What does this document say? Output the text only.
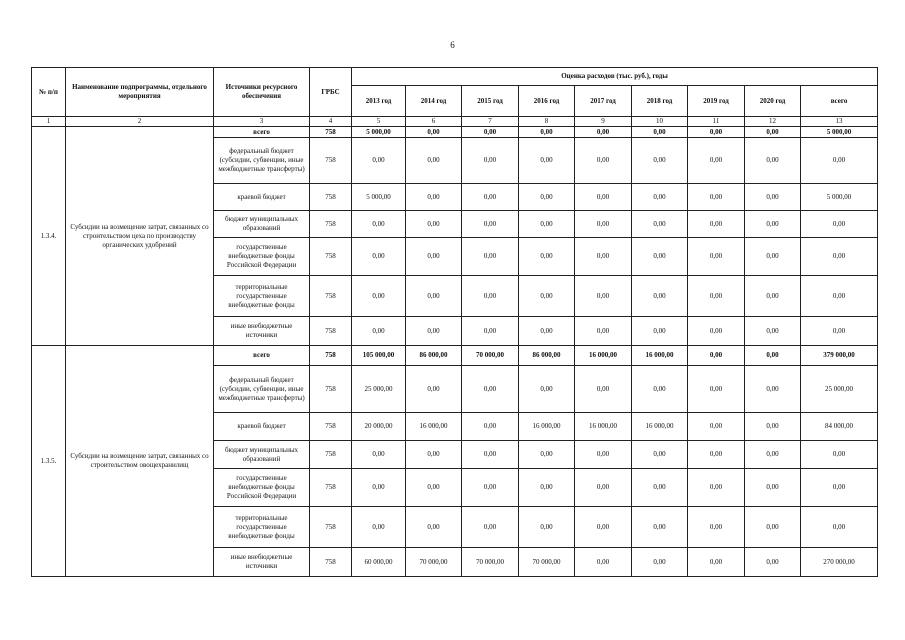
6
№ п/п	Наименование подпрограммы, отдельного мероприятия	Источники ресурсного обеспечения	ГРБС	Оценка расходов (тыс. руб.), годы								
				2013 год	2014 год	2015 год	2016 год	2017 год	2018 год	2019 год	2020 год	всего
1	2	3	4	5	6	7	8	9	10	11	12	13
1.3.4.	Субсидии на возмещение затрат, связанных со строительством цеха по производству органических удобрений	всего	758	5 000,00	0,00	0,00	0,00	0,00	0,00	0,00	0,00	5 000,00
		федеральный бюджет (субсидии, субвенции, иные межбюджетные трансферты)	758	0,00	0,00	0,00	0,00	0,00	0,00	0,00	0,00	0,00
		краевой бюджет	758	5 000,00	0,00	0,00	0,00	0,00	0,00	0,00	0,00	5 000,00
		бюджет муниципальных образований	758	0,00	0,00	0,00	0,00	0,00	0,00	0,00	0,00	0,00
		государственные внебюджетные фонды Российской Федерации	758	0,00	0,00	0,00	0,00	0,00	0,00	0,00	0,00	0,00
		территориальные государственные внебюджетные фонды	758	0,00	0,00	0,00	0,00	0,00	0,00	0,00	0,00	0,00
		иные внебюджетные источники	758	0,00	0,00	0,00	0,00	0,00	0,00	0,00	0,00	0,00
1.3.5.	Субсидии на возмещение затрат, связанных со строительством овощехранилищ	всего	758	105 000,00	86 000,00	70 000,00	86 000,00	16 000,00	16 000,00	0,00	0,00	379 000,00
		федеральный бюджет (субсидии, субвенции, иные межбюджетные трансферты)	758	25 000,00	0,00	0,00	0,00	0,00	0,00	0,00	0,00	25 000,00
		краевой бюджет	758	20 000,00	16 000,00	0,00	16 000,00	16 000,00	16 000,00	0,00	0,00	84 000,00
		бюджет муниципальных образований	758	0,00	0,00	0,00	0,00	0,00	0,00	0,00	0,00	0,00
		государственные внебюджетные фонды Российской Федерации	758	0,00	0,00	0,00	0,00	0,00	0,00	0,00	0,00	0,00
		территориальные государственные внебюджетные фонды	758	0,00	0,00	0,00	0,00	0,00	0,00	0,00	0,00	0,00
		иные внебюджетные источники	758	60 000,00	70 000,00	70 000,00	70 000,00	0,00	0,00	0,00	0,00	270 000,00
